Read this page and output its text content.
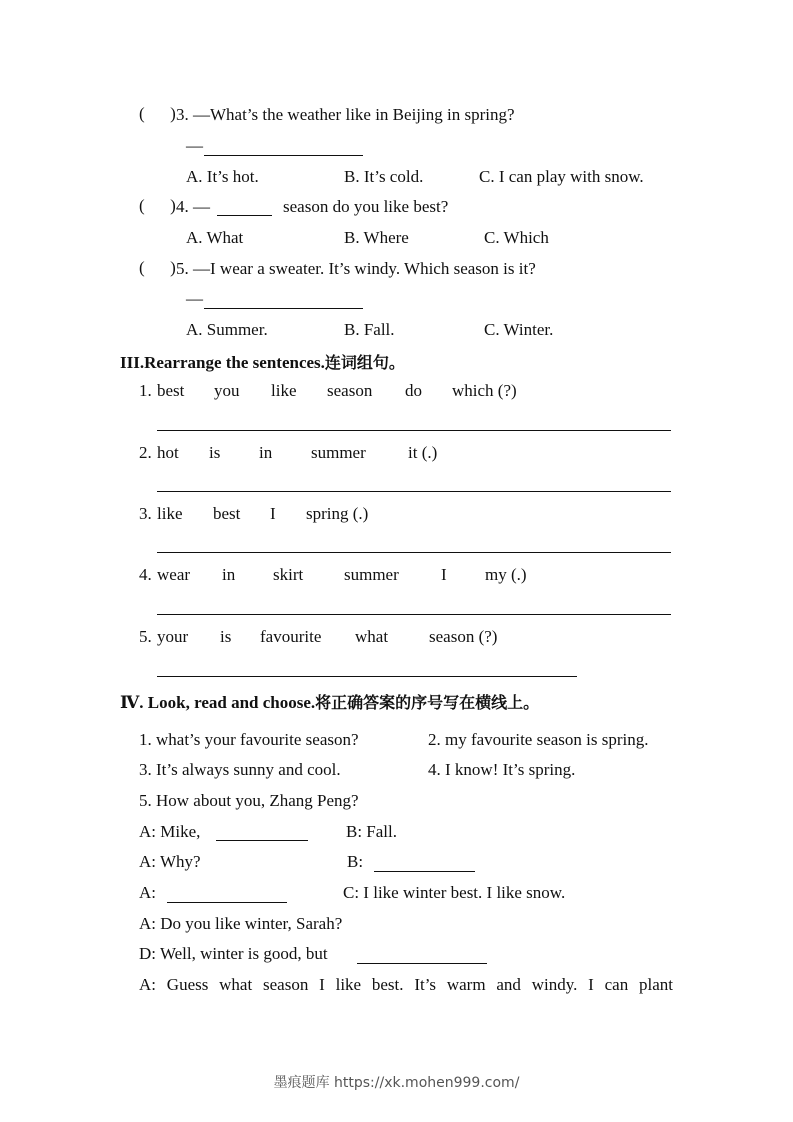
(      ) 3. —What’s the weather like in Beijing in spring?
—
A. It’s hot.	B. It’s cold.	C. I can play with snow.
(      ) 4. —	season do you like best?
A. What	B. Where	C. Which
(      ) 5. —I wear a sweater. It’s windy. Which season is it?
—
A. Summer.	B. Fall.	C. Winter.
III.Rearrange the sentences.连词组句。
1. best you like season do which (?)
2. hot is in summer it (.)
3. like best I spring (.)
4. wear in skirt summer I my (.)
5. your is favourite what season (?)
Ⅳ. Look, read and choose.将正确答案的序号写在横线上。
1. what’s your favourite season?	2. my favourite season is spring.
3. It’s always sunny and cool.	4. I know! It’s spring.
5. How about you, Zhang Peng?
A: Mike,	B: Fall.
A: Why?	B:
A:	C: I like winter best. I like snow.
A: Do you like winter, Sarah?
D: Well, winter is good, but
A: Guess what season I like best. It’s warm and windy. I can plant
墨痕题库 https://xk.mohen999.com/
